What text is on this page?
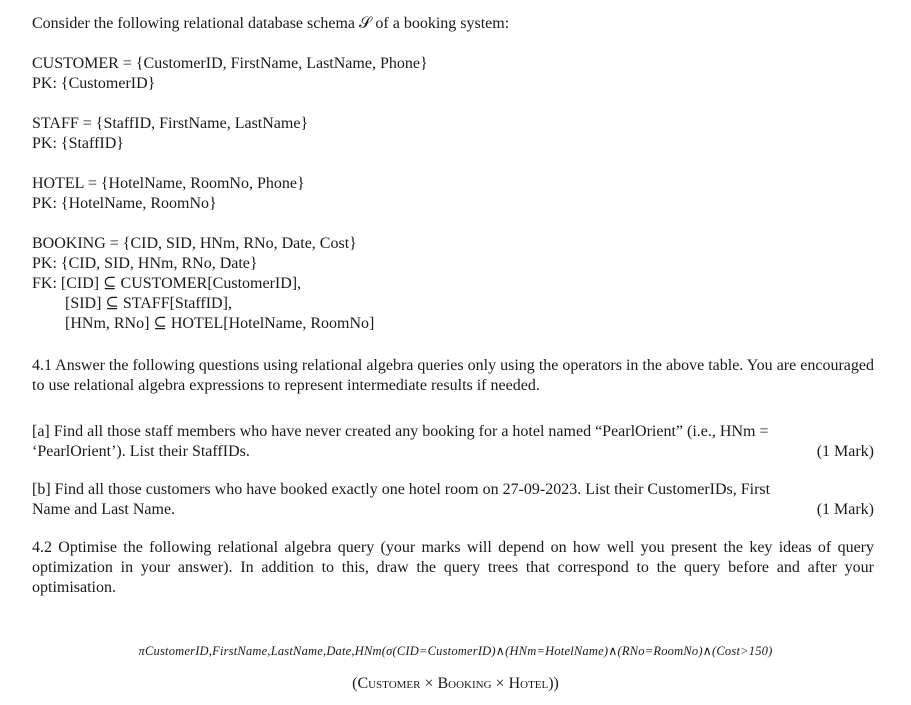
Consider the following relational database schema 𝒮 of a booking system:
CUSTOMER = {CustomerID, FirstName, LastName, Phone}
PK: {CustomerID}
STAFF = {StaffID, FirstName, LastName}
PK: {StaffID}
HOTEL = {HotelName, RoomNo, Phone}
PK: {HotelName, RoomNo}
BOOKING = {CID, SID, HNm, RNo, Date, Cost}
PK: {CID, SID, HNm, RNo, Date}
FK: [CID] ⊆ CUSTOMER[CustomerID],
[SID] ⊆ STAFF[StaffID],
[HNm, RNo] ⊆ HOTEL[HotelName, RoomNo]
4.1 Answer the following questions using relational algebra queries only using the operators in the above table. You are encouraged to use relational algebra expressions to represent intermediate results if needed.
[a] Find all those staff members who have never created any booking for a hotel named “PearlOrient” (i.e., HNm =
‘PearlOrient’). List their StaffIDs.	(1 Mark)
[b] Find all those customers who have booked exactly one hotel room on 27-09-2023. List their CustomerIDs, First
Name and Last Name.	(1 Mark)
4.2 Optimise the following relational algebra query (your marks will depend on how well you present the key ideas of query optimization in your answer). In addition to this, draw the query trees that correspond to the query before and after your optimisation.
πCustomerID,FirstName,LastName,Date,HNm(σ(CID=CustomerID)∧(HNm=HotelName)∧(RNo=RoomNo)∧(Cost>150)
(Customer × Booking × Hotel))
